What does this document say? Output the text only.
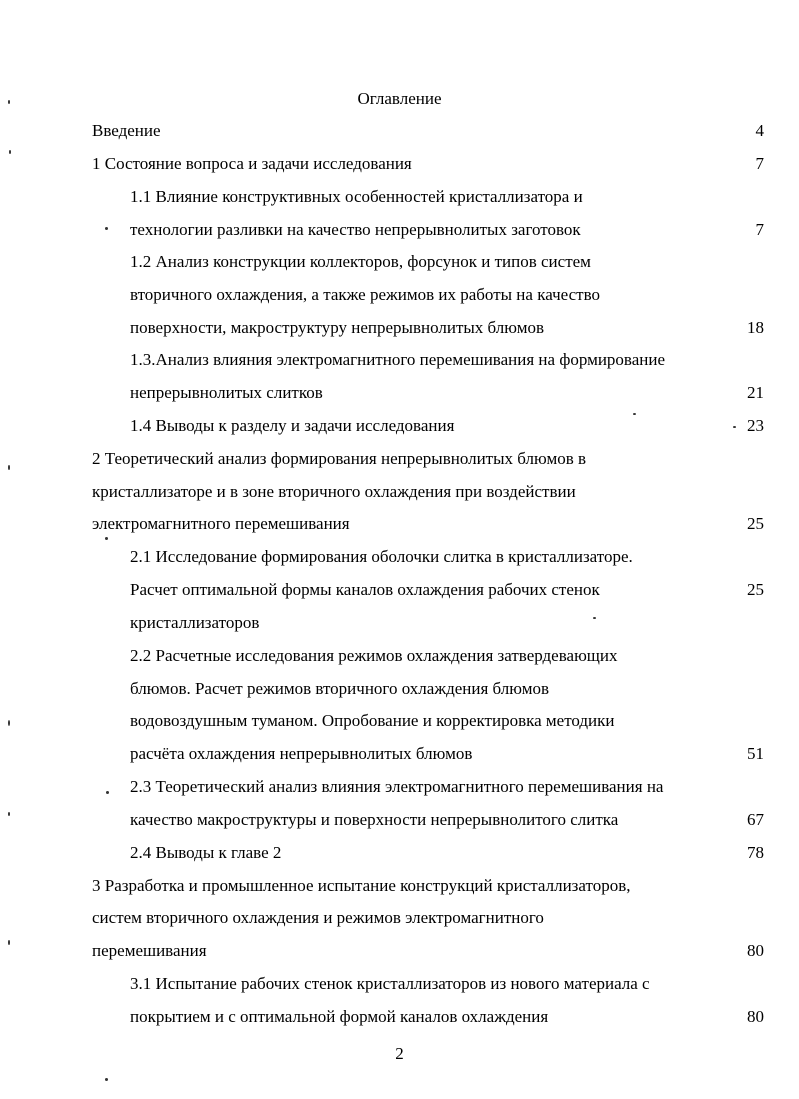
Оглавление
Введение	4
1 Состояние вопроса и задачи исследования	7
1.1 Влияние конструктивных особенностей кристаллизатора и
технологии разливки на качество непрерывнолитых заготовок	7
1.2 Анализ конструкции коллекторов, форсунок и типов систем
вторичного охлаждения, а также режимов их работы на качество
поверхности, макроструктуру непрерывнолитых блюмов	18
1.3.Анализ влияния электромагнитного перемешивания на формирование
непрерывнолитых слитков	21
1.4 Выводы к разделу и задачи исследования	23
2 Теоретический анализ формирования непрерывнолитых блюмов в
кристаллизаторе и в зоне вторичного охлаждения при воздействии
электромагнитного перемешивания	25
2.1 Исследование формирования оболочки слитка в кристаллизаторе.
Расчет оптимальной формы каналов охлаждения рабочих стенок	25
кристаллизаторов
2.2 Расчетные исследования режимов охлаждения затвердевающих
блюмов. Расчет режимов вторичного охлаждения блюмов
водовоздушным туманом. Опробование и корректировка методики
расчёта охлаждения непрерывнолитых блюмов	51
2.3 Теоретический анализ влияния электромагнитного перемешивания на
качество макроструктуры и поверхности непрерывнолитого слитка	67
2.4 Выводы к главе 2	78
3 Разработка и промышленное испытание конструкций кристаллизаторов,
систем вторичного охлаждения и режимов электромагнитного
перемешивания	80
3.1 Испытание рабочих стенок кристаллизаторов из нового материала с
покрытием и с оптимальной формой каналов охлаждения	80
2
